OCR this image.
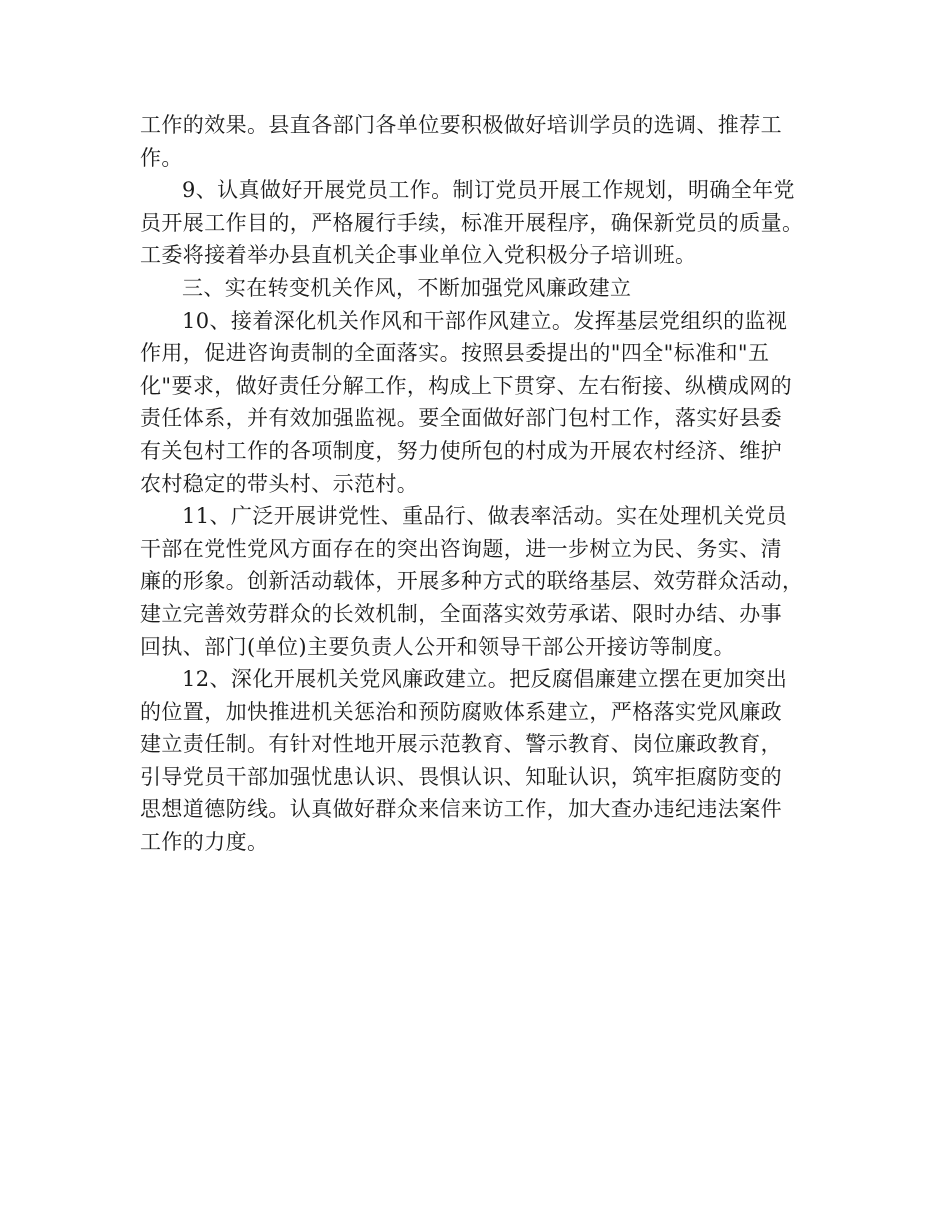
工作的效果。县直各部门各单位要积极做好培训学员的选调、推荐工
作。
9、认真做好开展党员工作。制订党员开展工作规划，明确全年党
员开展工作目的，严格履行手续，标准开展程序，确保新党员的质量。
工委将接着举办县直机关企事业单位入党积极分子培训班。
三、实在转变机关作风，不断加强党风廉政建立
10、接着深化机关作风和干部作风建立。发挥基层党组织的监视
作用，促进咨询责制的全面落实。按照县委提出的"四全"标准和"五
化"要求，做好责任分解工作，构成上下贯穿、左右衔接、纵横成网的
责任体系，并有效加强监视。要全面做好部门包村工作，落实好县委
有关包村工作的各项制度，努力使所包的村成为开展农村经济、维护
农村稳定的带头村、示范村。
11、广泛开展讲党性、重品行、做表率活动。实在处理机关党员
干部在党性党风方面存在的突出咨询题，进一步树立为民、务实、清
廉的形象。创新活动载体，开展多种方式的联络基层、效劳群众活动，
建立完善效劳群众的长效机制，全面落实效劳承诺、限时办结、办事
回执、部门(单位)主要负责人公开和领导干部公开接访等制度。
12、深化开展机关党风廉政建立。把反腐倡廉建立摆在更加突出
的位置，加快推进机关惩治和预防腐败体系建立，严格落实党风廉政
建立责任制。有针对性地开展示范教育、警示教育、岗位廉政教育，
引导党员干部加强忧患认识、畏惧认识、知耻认识，筑牢拒腐防变的
思想道德防线。认真做好群众来信来访工作，加大查办违纪违法案件
工作的力度。
